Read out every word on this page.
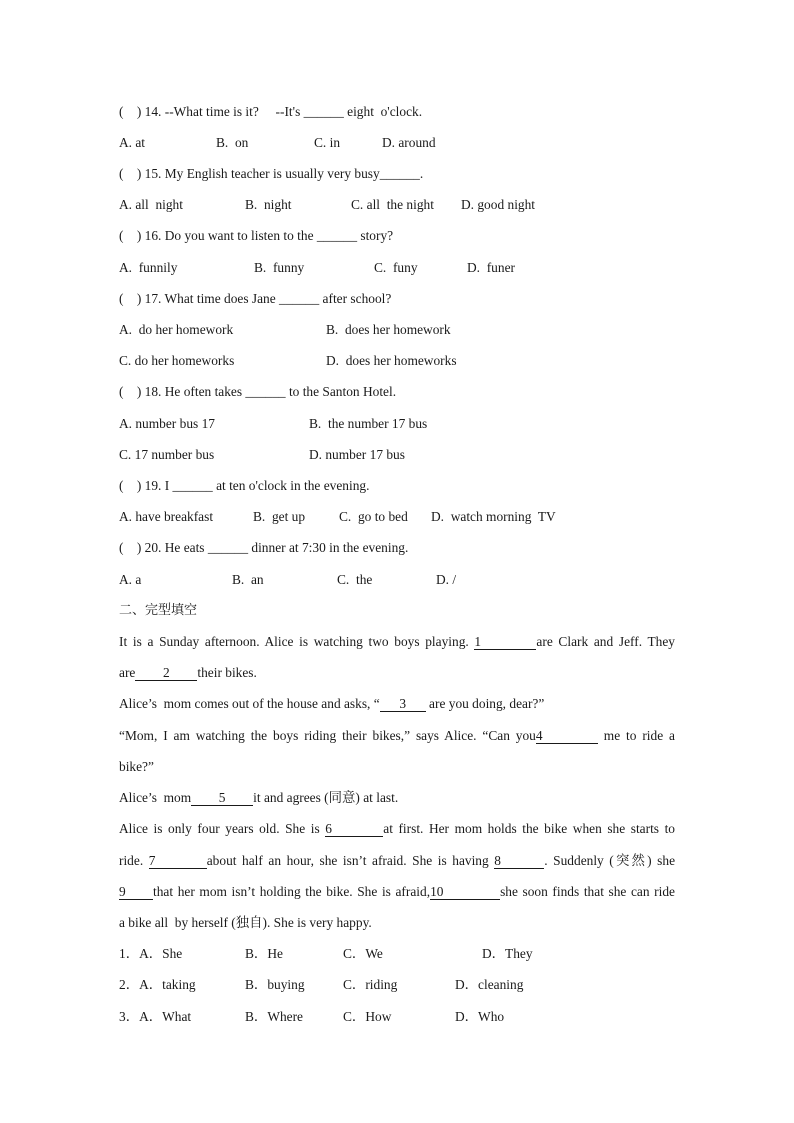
(    ) 14. --What time is it?     --It's ______ eight  o'clock.
A. at	B.  on	C. in	D. around
(    ) 15. My English teacher is usually very busy______.
A. all  night	B.  night	C. all  the night D. good night
(    ) 16. Do you want to listen to the ______ story?
A.  funnily	B.  funny	C.  funy	D.  funer
(    ) 17. What time does Jane ______ after school?
A.  do her homework	B.  does her homework
C. do her homeworks	D.  does her homeworks
(    ) 18. He often takes ______ to the Santon Hotel.
A. number bus 17	B.  the number 17 bus
C. 17 number bus	D. number 17 bus
(    ) 19. I ______ at ten o'clock in the evening.
A. have breakfast	B.  get up	C.  go to bed D.  watch morning  TV
(    ) 20. He eats ______ dinner at 7:30 in the evening.
A. a	B.  an	C.  the	D. /
二、完型填空
It is a Sunday afternoon. Alice is watching two boys playing. 1	are Clark and Jeff. They
are 2 their bikes.
Alice’s  mom comes out of the house and asks, “ 3 are you doing, dear?”
“Mom, I am watching the boys riding their bikes,” says Alice. “Can you4	me to ride a
bike?”
Alice’s  mom 5 it and agrees (同意) at last.
Alice is only four years old. She is 6	at first. Her mom holds the bike when she starts to
ride. 7	about half an hour, she isn’t afraid. She is having 8	. Suddenly (突然) she
9 that her mom isn’t holding the bike. She is afraid,10	she soon finds that she can ride
a bike all  by herself (独自). She is very happy.
1．A．She	B．He	C．We	D．They
2．A．taking	B．buying	C．riding	D．cleaning
3．A．What	B．Where	C．How	D．Who
